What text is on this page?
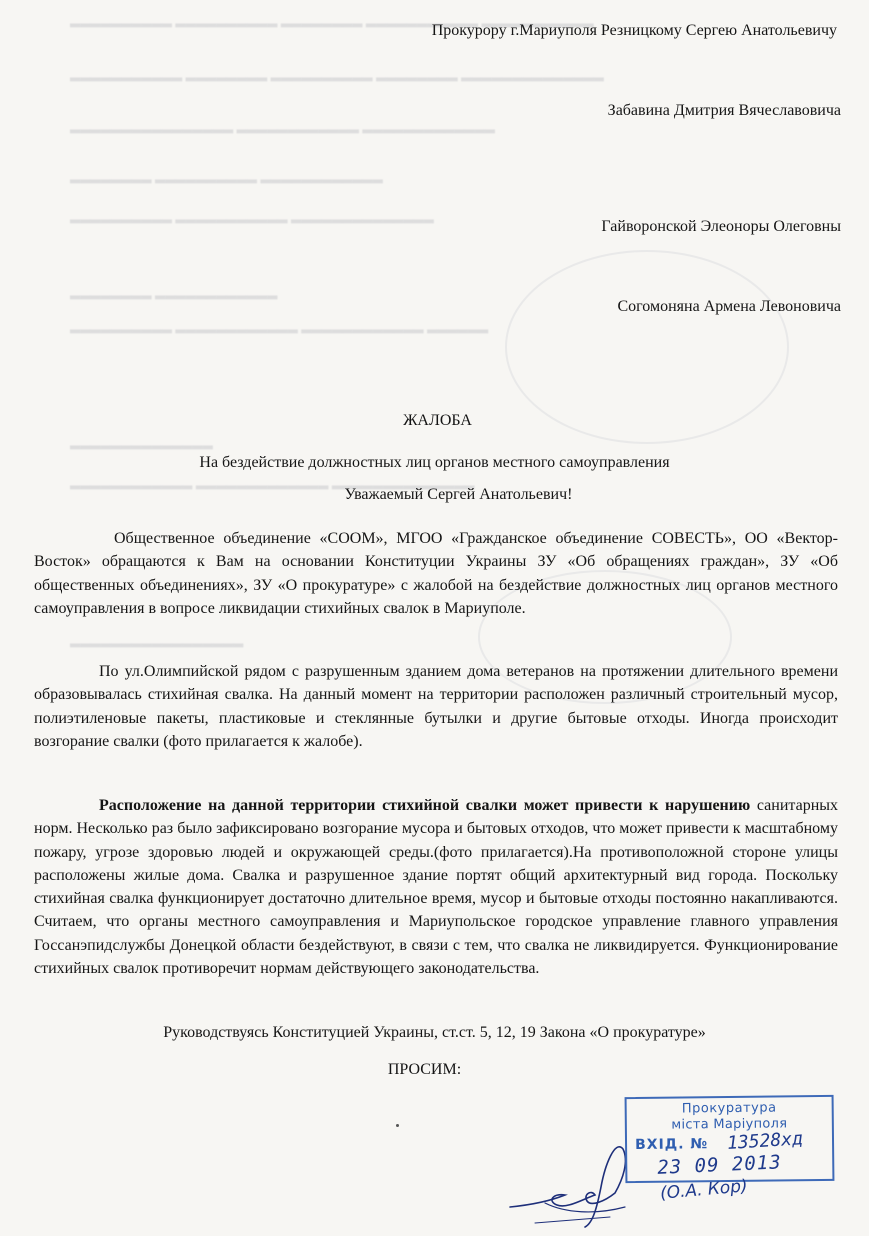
▂▂▂▂▂▂▂▂▂▂ ▂▂▂▂▂▂▂▂▂▂ ▂▂▂▂▂▂▂▂ ▂▂▂▂▂▂▂▂▂▂▂ ▂▂▂▂▂▂▂▂▂▂▂
▂▂▂▂▂▂▂▂▂▂▂ ▂▂▂▂▂▂▂▂ ▂▂▂▂▂▂▂▂▂▂ ▂▂▂▂▂▂▂▂ ▂▂▂▂▂▂▂▂▂▂▂▂▂▂
▂▂▂▂▂▂▂▂▂▂▂▂▂▂▂▂ ▂▂▂▂▂▂▂▂▂▂▂▂ ▂▂▂▂▂▂▂▂▂▂▂▂▂
▂▂▂▂▂▂▂▂ ▂▂▂▂▂▂▂▂▂▂ ▂▂▂▂▂▂▂▂▂▂▂▂
▂▂▂▂▂▂▂▂▂▂ ▂▂▂▂▂▂▂▂▂▂▂ ▂▂▂▂▂▂▂▂▂▂▂▂▂▂
▂▂▂▂▂▂▂▂ ▂▂▂▂▂▂▂▂▂▂▂▂
▂▂▂▂▂▂▂▂▂▂ ▂▂▂▂▂▂▂▂▂▂▂▂ ▂▂▂▂▂▂▂▂▂▂▂▂ ▂▂▂▂▂▂
▂▂▂▂▂▂▂▂▂▂▂▂▂▂
▂▂▂▂▂▂▂▂▂▂▂▂ ▂▂▂▂▂▂▂▂▂▂▂▂▂ ▂▂▂▂▂▂▂▂▂▂▂▂▂▂
▂▂▂▂▂▂▂▂▂▂▂▂▂▂▂▂▂
Прокурору г.Мариуполя Резницкому Сергею Анатольевичу
Забавина Дмитрия Вячеславовича
Гайворонской Элеоноры Олеговны
Согомоняна Армена Левоновича
ЖАЛОБА
На бездействие должностных лиц органов местного самоуправления
Уважаемый Сергей Анатольевич!
Общественное объединение «СООМ», МГОО «Гражданское объединение СОВЕСТЬ», ОО «Вектор-Восток» обращаются к Вам на основании Конституции Украины ЗУ «Об обращениях граждан», ЗУ «Об общественных объединениях», ЗУ «О прокуратуре» с жалобой на бездействие должностных лиц органов местного самоуправления в вопросе ликвидации стихийных свалок в Мариуполе.
По ул.Олимпийской рядом с разрушенным зданием дома ветеранов на протяжении длительного времени образовывалась стихийная свалка. На данный момент на территории расположен различный строительный мусор, полиэтиленовые пакеты, пластиковые и стеклянные бутылки и другие бытовые отходы. Иногда происходит возгорание свалки (фото прилагается к жалобе).
Расположение на данной территории стихийной свалки может привести к нарушению санитарных норм. Несколько раз было зафиксировано возгорание мусора и бытовых отходов, что может привести к масштабному пожару, угрозе здоровью людей и окружающей среды.(фото прилагается).На противоположной стороне улицы расположены жилые дома. Свалка и разрушенное здание портят общий архитектурный вид города. Поскольку стихийная свалка функционирует достаточно длительное время, мусор и бытовые отходы постоянно накапливаются. Считаем, что органы местного самоуправления и Мариупольское городское управление главного управления Госсанэпидслужбы Донецкой области бездействуют, в связи с тем, что свалка не ликвидируется. Функционирование стихийных свалок противоречит нормам действующего законодательства.
Руководствуясь Конституцией Украины, ст.ст. 5, 12, 19 Закона «О прокуратуре»
ПРОСИМ:
Прокуратура
міста Маріуполя
ВХІД. № 13528хд
23 09 2013
(О.А. Кор)
